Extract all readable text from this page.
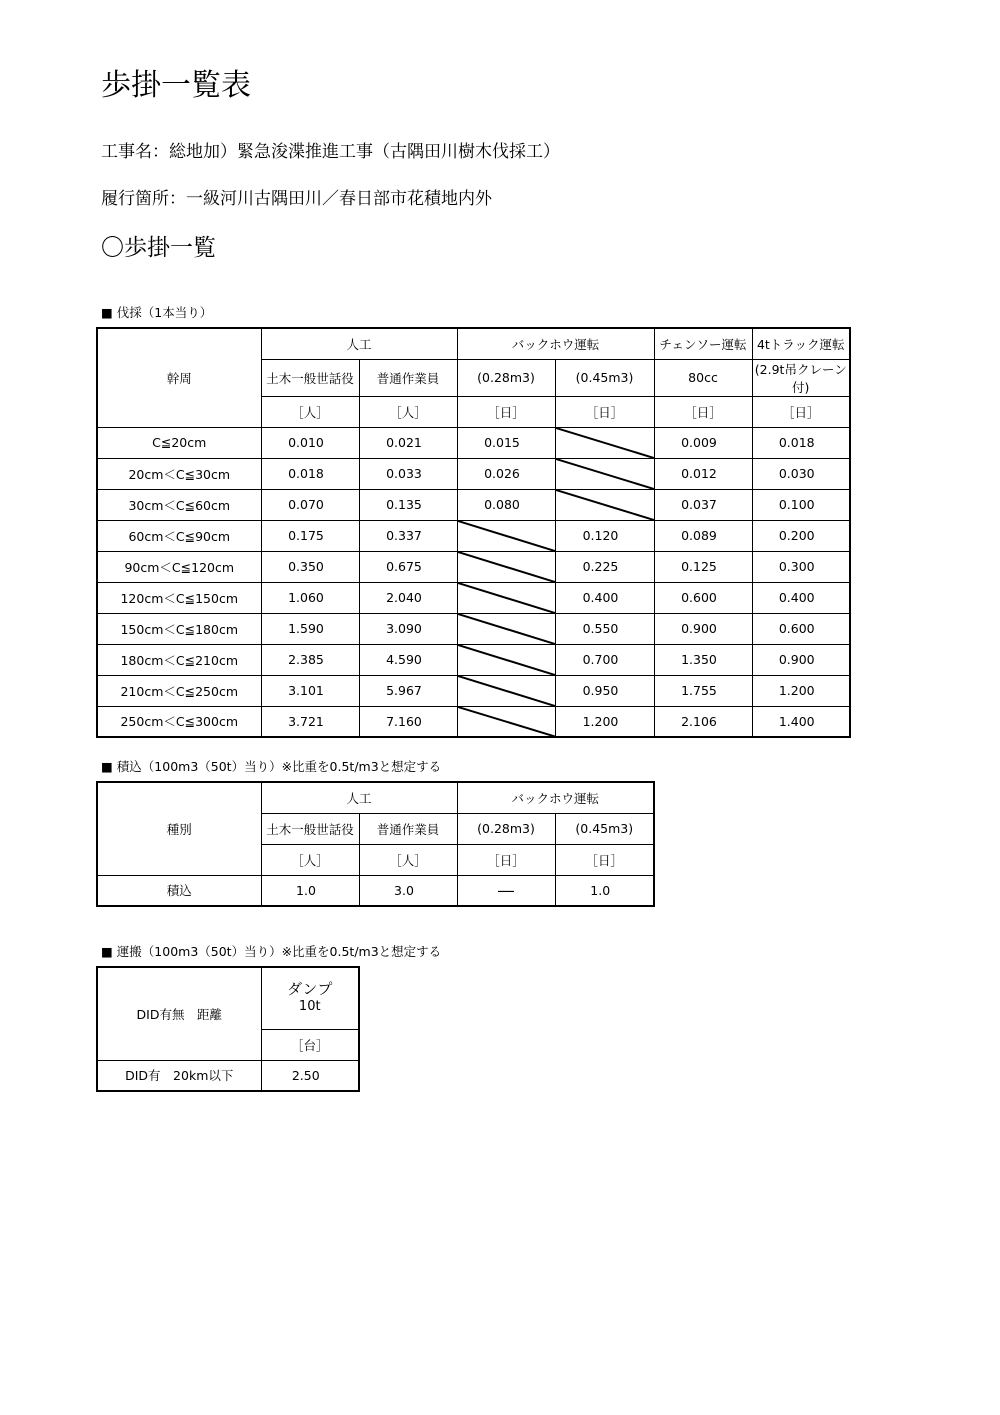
歩掛一覧表
工事名：総地加）緊急浚渫推進工事（古隅田川樹木伐採工）
履行箇所：一級河川古隅田川／春日部市花積地内外
〇歩掛一覧
■ 伐採（1本当り）
幹周	人工		バックホウ運転		チェンソー運転	4tトラック運転
	土木一般世話役	普通作業員	(0.28m3)	(0.45m3)	80cc	(2.9t吊クレーン付)
	［人］	［人］	［日］	［日］	［日］	［日］
C≦20cm	0.010	0.021	0.015		0.009	0.018
20cm＜C≦30cm	0.018	0.033	0.026		0.012	0.030
30cm＜C≦60cm	0.070	0.135	0.080		0.037	0.100
60cm＜C≦90cm	0.175	0.337		0.120	0.089	0.200
90cm＜C≦120cm	0.350	0.675		0.225	0.125	0.300
120cm＜C≦150cm	1.060	2.040		0.400	0.600	0.400
150cm＜C≦180cm	1.590	3.090		0.550	0.900	0.600
180cm＜C≦210cm	2.385	4.590		0.700	1.350	0.900
210cm＜C≦250cm	3.101	5.967		0.950	1.755	1.200
250cm＜C≦300cm	3.721	7.160		1.200	2.106	1.400
■ 積込（100m3（50t）当り）※比重を0.5t/m3と想定する
種別	人工		バックホウ運転	
	土木一般世話役	普通作業員	(0.28m3)	(0.45m3)
	［人］	［人］	［日］	［日］
積込	1.0	3.0	―	1.0
■ 運搬（100m3（50t）当り）※比重を0.5t/m3と想定する
DID有無　距離	ダンプ
10t

	［台］
DID有　20km以下	2.50
